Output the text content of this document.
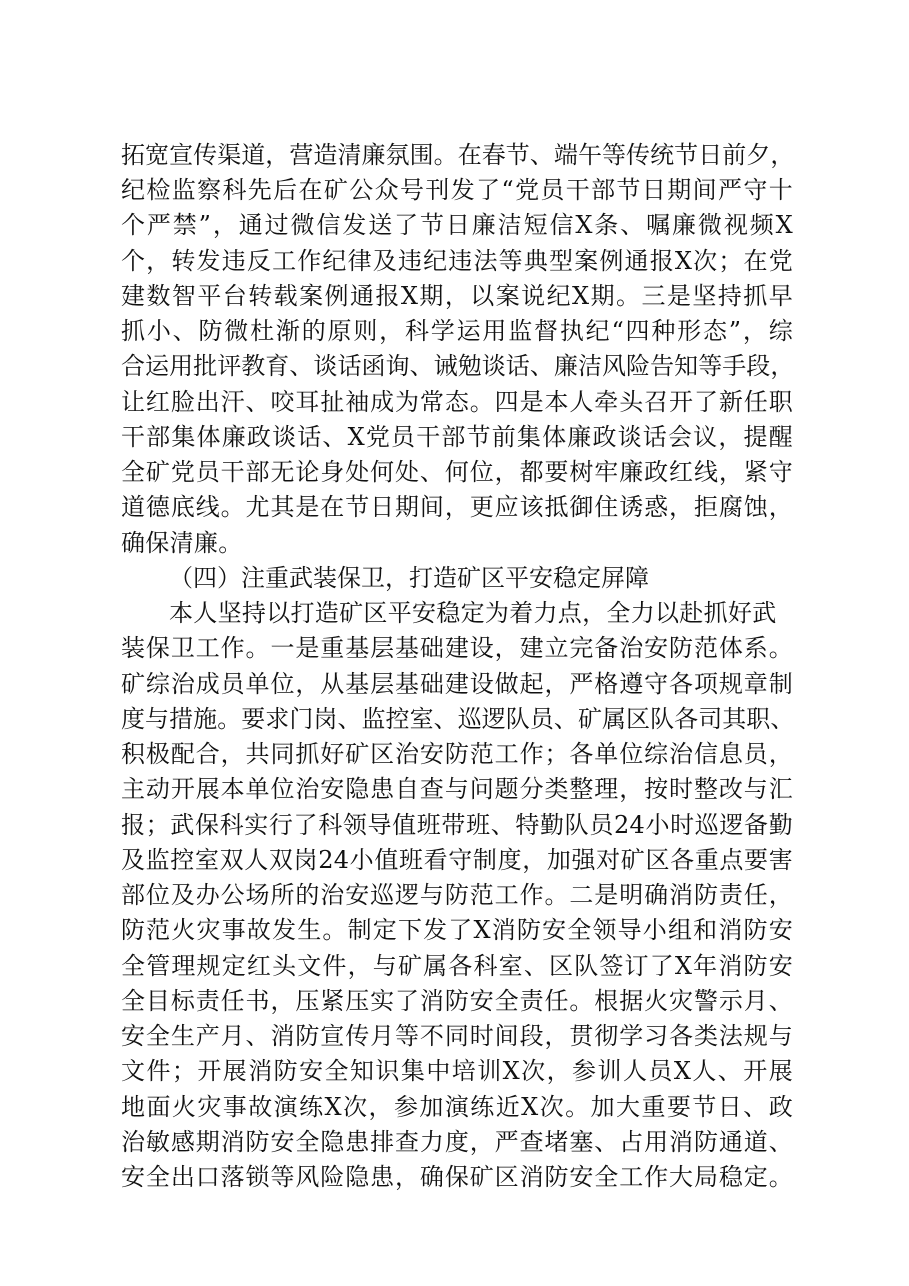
拓宽宣传渠道，营造清廉氛围。在春节、端午等传统节日前夕，
纪检监察科先后在矿公众号刊发了“党员干部节日期间严守十
个严禁”，通过微信发送了节日廉洁短信X条、嘱廉微视频X
个，转发违反工作纪律及违纪违法等典型案例通报X次；在党
建数智平台转载案例通报X期，以案说纪X期。三是坚持抓早
抓小、防微杜渐的原则，科学运用监督执纪“四种形态”，综
合运用批评教育、谈话函询、诫勉谈话、廉洁风险告知等手段，
让红脸出汗、咬耳扯袖成为常态。四是本人牵头召开了新任职
干部集体廉政谈话、X党员干部节前集体廉政谈话会议，提醒
全矿党员干部无论身处何处、何位，都要树牢廉政红线，紧守
道德底线。尤其是在节日期间，更应该抵御住诱惑，拒腐蚀，
确保清廉。
（四）注重武装保卫，打造矿区平安稳定屏障
本人坚持以打造矿区平安稳定为着力点，全力以赴抓好武
装保卫工作。一是重基层基础建设，建立完备治安防范体系。
矿综治成员单位，从基层基础建设做起，严格遵守各项规章制
度与措施。要求门岗、监控室、巡逻队员、矿属区队各司其职、
积极配合，共同抓好矿区治安防范工作；各单位综治信息员，
主动开展本单位治安隐患自查与问题分类整理，按时整改与汇
报；武保科实行了科领导值班带班、特勤队员24小时巡逻备勤
及监控室双人双岗24小值班看守制度，加强对矿区各重点要害
部位及办公场所的治安巡逻与防范工作。二是明确消防责任，
防范火灾事故发生。制定下发了X消防安全领导小组和消防安
全管理规定红头文件，与矿属各科室、区队签订了X年消防安
全目标责任书，压紧压实了消防安全责任。根据火灾警示月、
安全生产月、消防宣传月等不同时间段，贯彻学习各类法规与
文件；开展消防安全知识集中培训X次，参训人员X人、开展
地面火灾事故演练X次，参加演练近X次。加大重要节日、政
治敏感期消防安全隐患排查力度，严查堵塞、占用消防通道、
安全出口落锁等风险隐患，确保矿区消防安全工作大局稳定。
